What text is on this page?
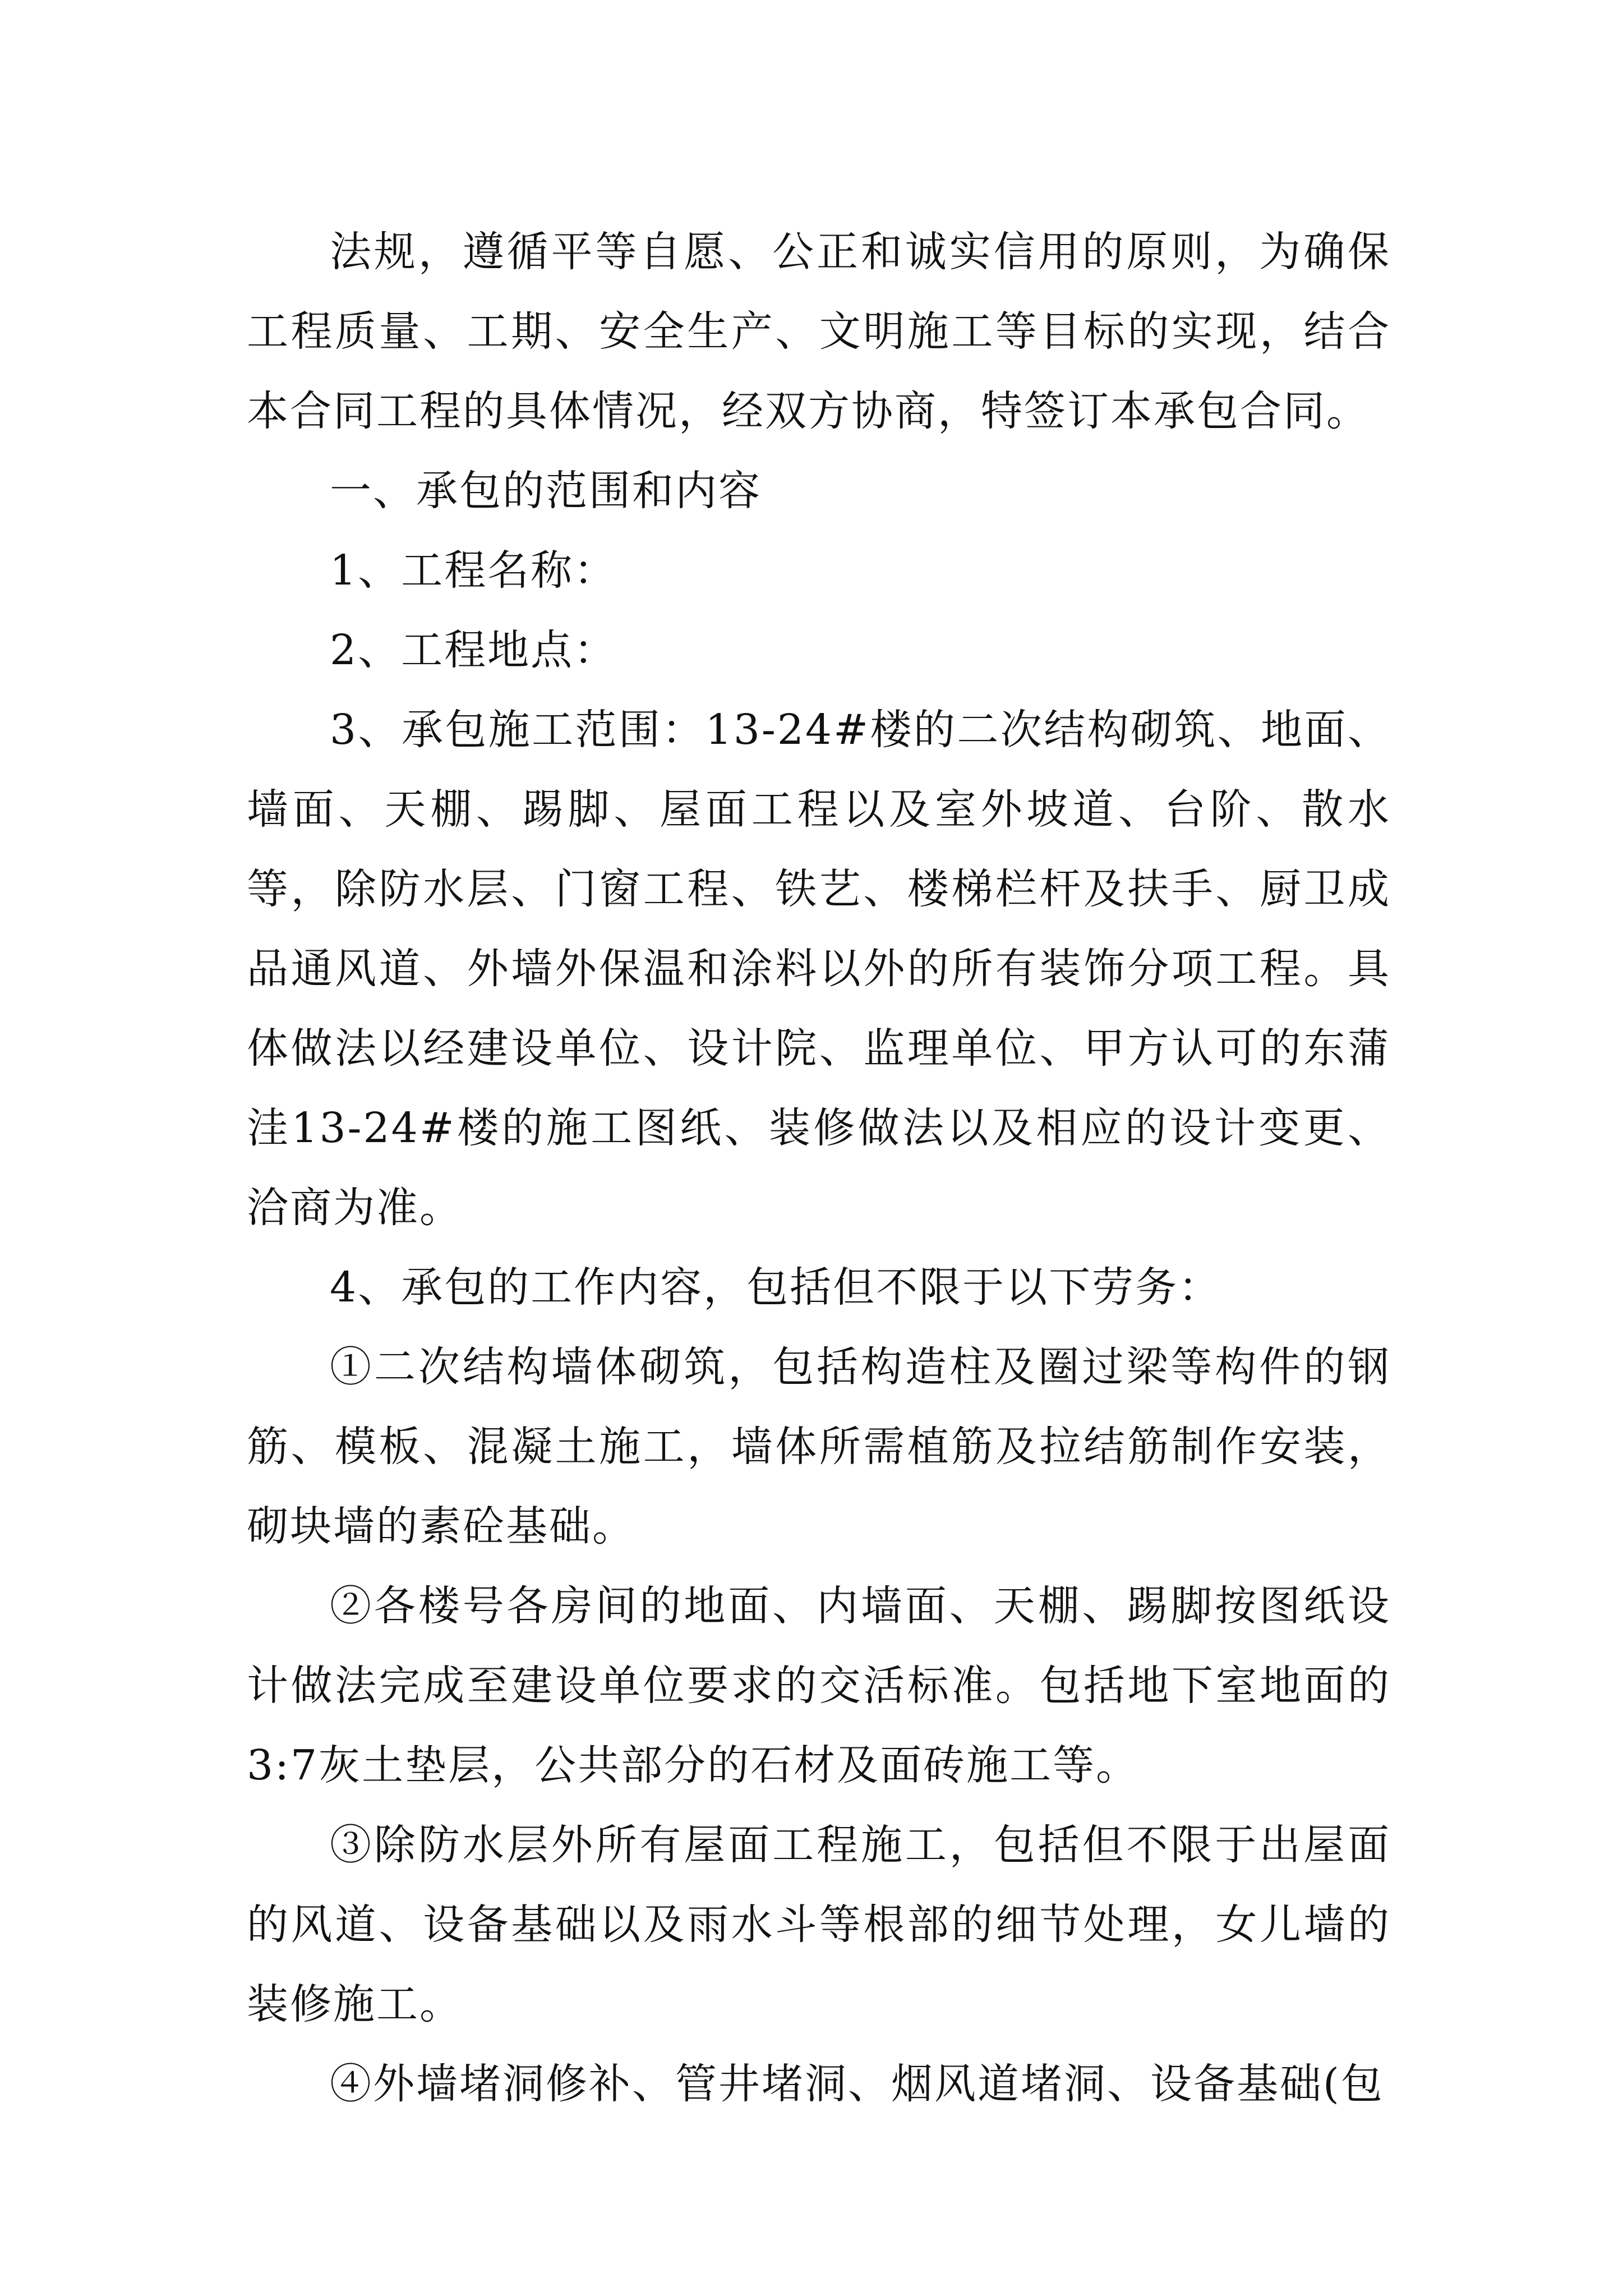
法规，遵循平等自愿、公正和诚实信用的原则，为确保工程质量、工期、安全生产、文明施工等目标的实现，结合本合同工程的具体情况，经双方协商，特签订本承包合同。

一、承包的范围和内容

1、工程名称：

2、工程地点：

3、承包施工范围：13-24#楼的二次结构砌筑、地面、墙面、天棚、踢脚、屋面工程以及室外坡道、台阶、散水等，除防水层、门窗工程、铁艺、楼梯栏杆及扶手、厨卫成品通风道、外墙外保温和涂料以外的所有装饰分项工程。具体做法以经建设单位、设计院、监理单位、甲方认可的东蒲洼13-24#楼的施工图纸、装修做法以及相应的设计变更、洽商为准。

4、承包的工作内容，包括但不限于以下劳务：

①二次结构墙体砌筑，包括构造柱及圈过梁等构件的钢筋、模板、混凝土施工，墙体所需植筋及拉结筋制作安装，砌块墙的素砼基础。

②各楼号各房间的地面、内墙面、天棚、踢脚按图纸设计做法完成至建设单位要求的交活标准。包括地下室地面的3:7灰土垫层，公共部分的石材及面砖施工等。

③除防水层外所有屋面工程施工，包括但不限于出屋面的风道、设备基础以及雨水斗等根部的细节处理，女儿墙的装修施工。

④外墙堵洞修补、管井堵洞、烟风道堵洞、设备基础(包
